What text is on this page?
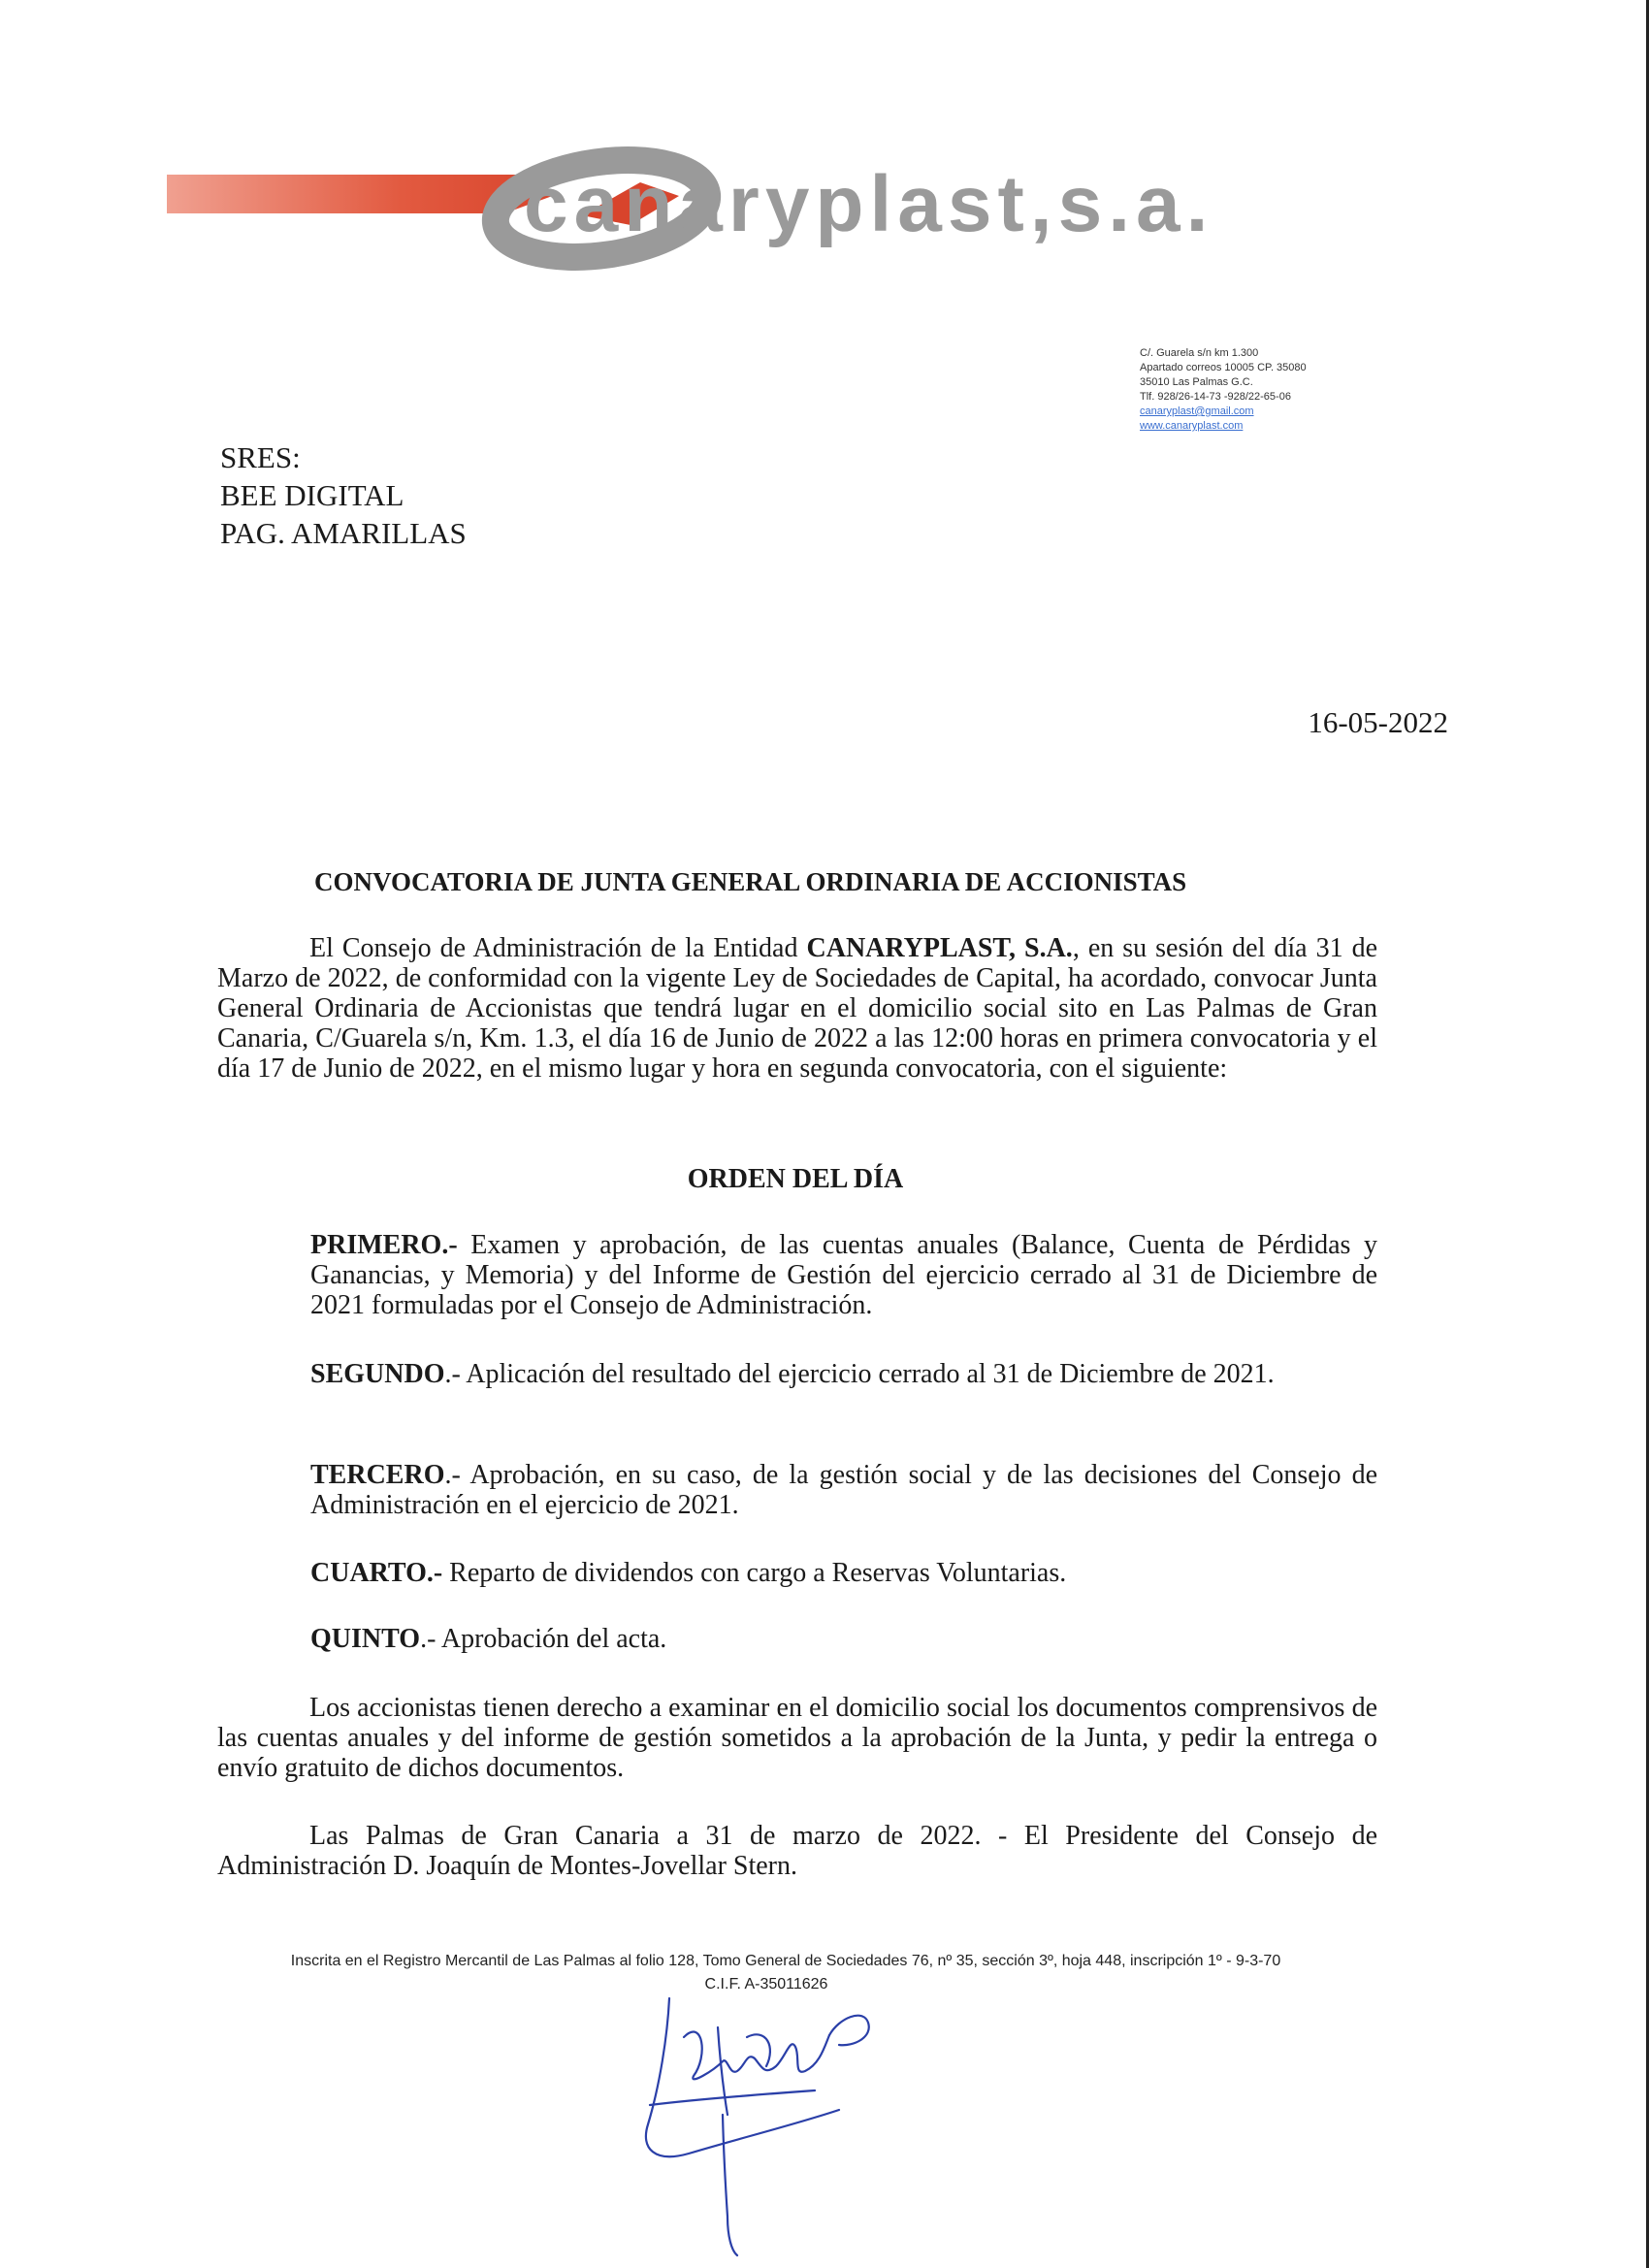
canaryplast,s.a.
C/. Guarela s/n km 1.300
Apartado correos 10005 CP. 35080
35010 Las Palmas G.C.
Tlf. 928/26-14-73 -928/22-65-06
canaryplast@gmail.com
www.canaryplast.com
SRES:
BEE DIGITAL
PAG. AMARILLAS
16-05-2022
CONVOCATORIA DE JUNTA GENERAL ORDINARIA DE ACCIONISTAS

El Consejo de Administración de la Entidad CANARYPLAST, S.A., en su sesión del día 31 de Marzo de 2022, de conformidad con la vigente Ley de Sociedades de Capital, ha acordado, convocar Junta General Ordinaria de Accionistas que tendrá lugar en el domicilio social sito en Las Palmas de Gran Canaria, C/Guarela s/n, Km. 1.3, el día 16 de Junio de 2022 a las 12:00 horas en primera convocatoria y el día 17 de Junio de 2022, en el mismo lugar y hora en segunda convocatoria, con el siguiente:

ORDEN DEL DÍA

PRIMERO.- Examen y aprobación, de las cuentas anuales (Balance, Cuenta de Pérdidas y Ganancias, y Memoria) y del Informe de Gestión del ejercicio cerrado al 31 de Diciembre de 2021 formuladas por el Consejo de Administración.

SEGUNDO.- Aplicación del resultado del ejercicio cerrado al 31 de Diciembre de 2021.

TERCERO.- Aprobación, en su caso, de la gestión social y de las decisiones del Consejo de Administración en el ejercicio de 2021.

CUARTO.- Reparto de dividendos con cargo a Reservas Voluntarias.

QUINTO.- Aprobación del acta.

Los accionistas tienen derecho a examinar en el domicilio social los documentos comprensivos de las cuentas anuales y del informe de gestión sometidos a la aprobación de la Junta, y pedir la entrega o envío gratuito de dichos documentos.

Las Palmas de Gran Canaria a 31 de marzo de 2022. - El Presidente del Consejo de Administración D. Joaquín de Montes-Jovellar Stern.

Inscrita en el Registro Mercantil de Las Palmas al folio 128, Tomo General de Sociedades 76, nº 35, sección 3º, hoja 448, inscripción 1º - 9-3-70
C.I.F. A-35011626
